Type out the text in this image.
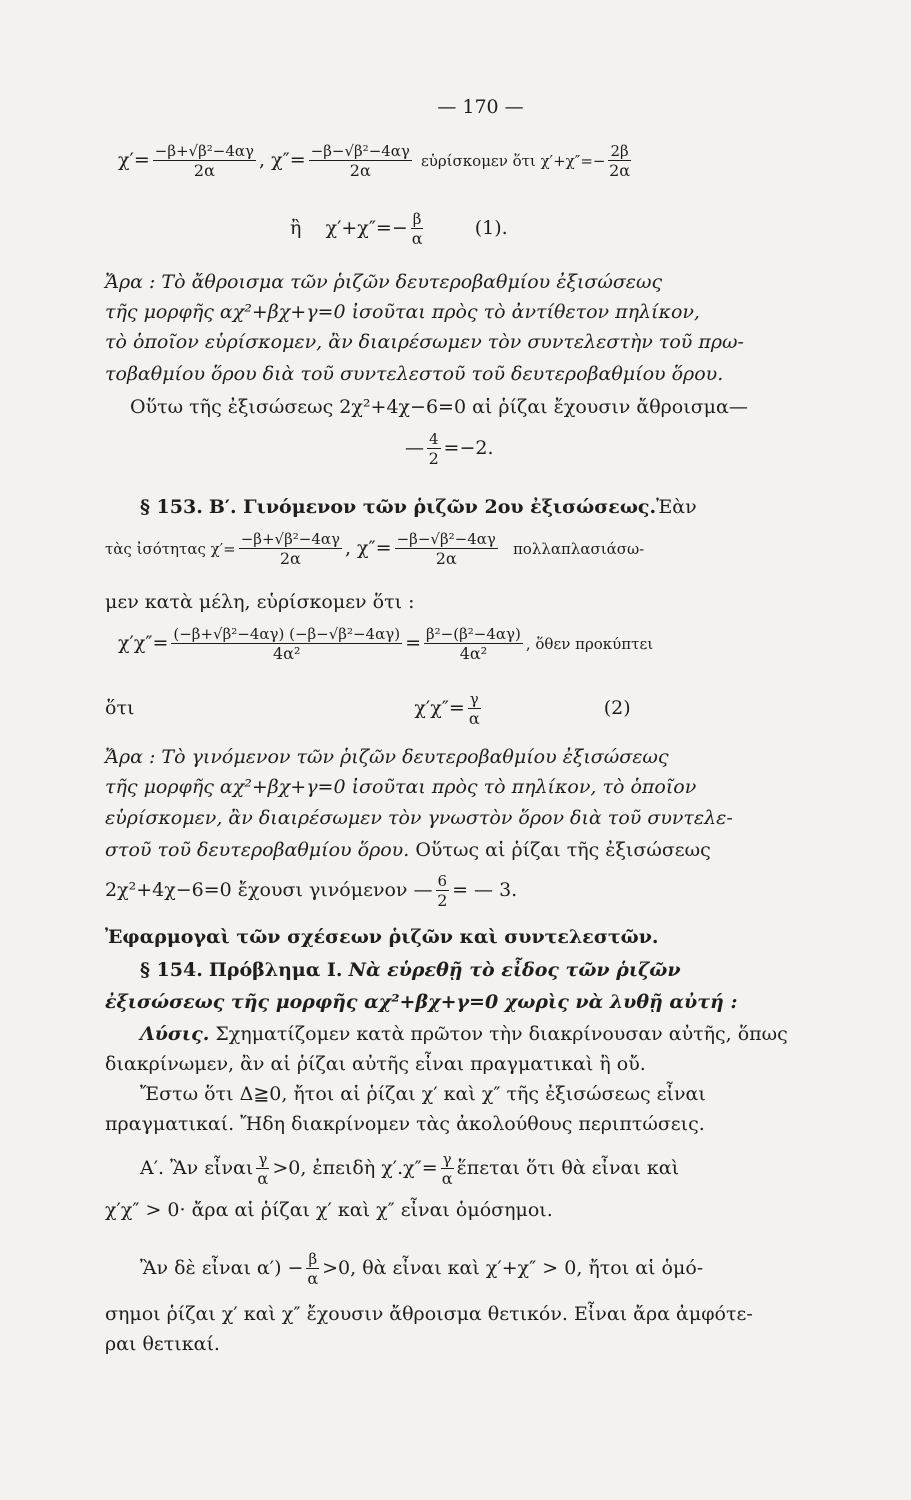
— 170 —
$\chi'= \frac{\text{−β+√β²−4αγ}}{2\alpha}$ , $\chi''= \frac{\text{−β−√β²−4αγ}}{2\alpha}$ εὑρίσκομεν ὅτι $\chi'+\chi''=- \frac{2\beta}{2\alpha}$
ἢ $\chi'+\chi''=- \frac{\beta}{\alpha}$	(1).
Ἄρα : Τὸ ἄθροισμα τῶν ῥιζῶν δευτεροβαθμίου ἐξισώσεως
τῆς μορφῆς αχ²+βχ+γ=0 ἰσοῦται πρὸς τὸ ἀντίθετον πηλίκον,
τὸ ὁποῖον εὑρίσκομεν, ἂν διαιρέσωμεν τὸν συντελεστὴν τοῦ πρω-
τοβαθμίου ὅρου διὰ τοῦ συντελεστοῦ τοῦ δευτεροβαθμίου ὅρου.
Οὕτω τῆς ἐξισώσεως 2χ²+4χ−6=0 αἱ ῥίζαι ἔχουσιν ἄθροισμα—
— $\frac{4}{2} =-2$.
§ 153. Β′. Γινόμενον τῶν ῥιζῶν 2ου ἐξισώσεως.Ἐὰν
τὰς ἰσότητας $\chi'= \frac{\text{−β+√β²−4αγ}}{2\alpha}$ , $\chi''= \frac{\text{−β−√β²−4αγ}}{2\alpha} \pi o\lambda\lambda\alpha\pi\lambda\alpha\sigma\iota ά\sigma\omega-$
μεν κατὰ μέλη, εὑρίσκομεν ὅτι :
$\chi'\chi''= \frac{\text{(−β+√β²−4αγ) (−β−√β²−4αγ)}}{\text{4α²}} = \frac{\text{β²−(β²−4αγ)}}{\text{4α²}}$ , ὅθεν προκύπτει
ὅτι	$\chi'\chi''= \frac{\gamma}{\alpha}$	(2)
Ἄρα : Τὸ γινόμενον τῶν ῥιζῶν δευτεροβαθμίου ἐξισώσεως
τῆς μορφῆς αχ²+βχ+γ=0 ἰσοῦται πρὸς τὸ πηλίκον, τὸ ὁποῖον
εὑρίσκομεν, ἂν διαιρέσωμεν τὸν γνωστὸν ὅρον διὰ τοῦ συντελε-
στοῦ τοῦ δευτεροβαθμίου ὅρου. Οὕτως αἱ ῥίζαι τῆς ἐξισώσεως
2χ²+4χ−6=0 ἔχουσι γινόμενον — $\frac{6}{2}$ = — 3.
Ἐφαρμογαὶ τῶν σχέσεων ῥιζῶν καὶ συντελεστῶν.
§ 154. Πρόβλημα Ι. Νὰ εὑρεθῇ τὸ εἶδος τῶν ῥιζῶν
ἐξισώσεως τῆς μορφῆς αχ²+βχ+γ=0 χωρὶς νὰ λυθῇ αὐτή :
Λύσις. Σχηματίζομεν κατὰ πρῶτον τὴν διακρίνουσαν αὐτῆς, ὅπως
διακρίνωμεν, ἂν αἱ ῥίζαι αὐτῆς εἶναι πραγματικαὶ ἢ οὔ.
Ἔστω ὅτι Δ≧0, ἤτοι αἱ ῥίζαι χ′ καὶ χ″ τῆς ἐξισώσεως εἶναι
πραγματικαί. Ἤδη διακρίνομεν τὰς ἀκολούθους περιπτώσεις.
Α′. Ἂν εἶναι $\frac{\gamma}{\alpha} >0$, ἐπειδὴ $\chi'.\chi''= \frac{\gamma}{\alpha}$ ἕπεται ὅτι θὰ εἶναι καὶ
χ′χ″ > 0· ἄρα αἱ ῥίζαι χ′ καὶ χ″ εἶναι ὁμόσημοι.
Ἂν δὲ εἶναι $\alpha') - \frac{\beta}{\alpha} >0$, θὰ εἶναι καὶ χ′+χ″ > 0, ἤτοι αἱ ὁμό-
σημοι ῥίζαι χ′ καὶ χ″ ἔχουσιν ἄθροισμα θετικόν. Εἶναι ἄρα ἀμφότε-
ραι θετικαί.
